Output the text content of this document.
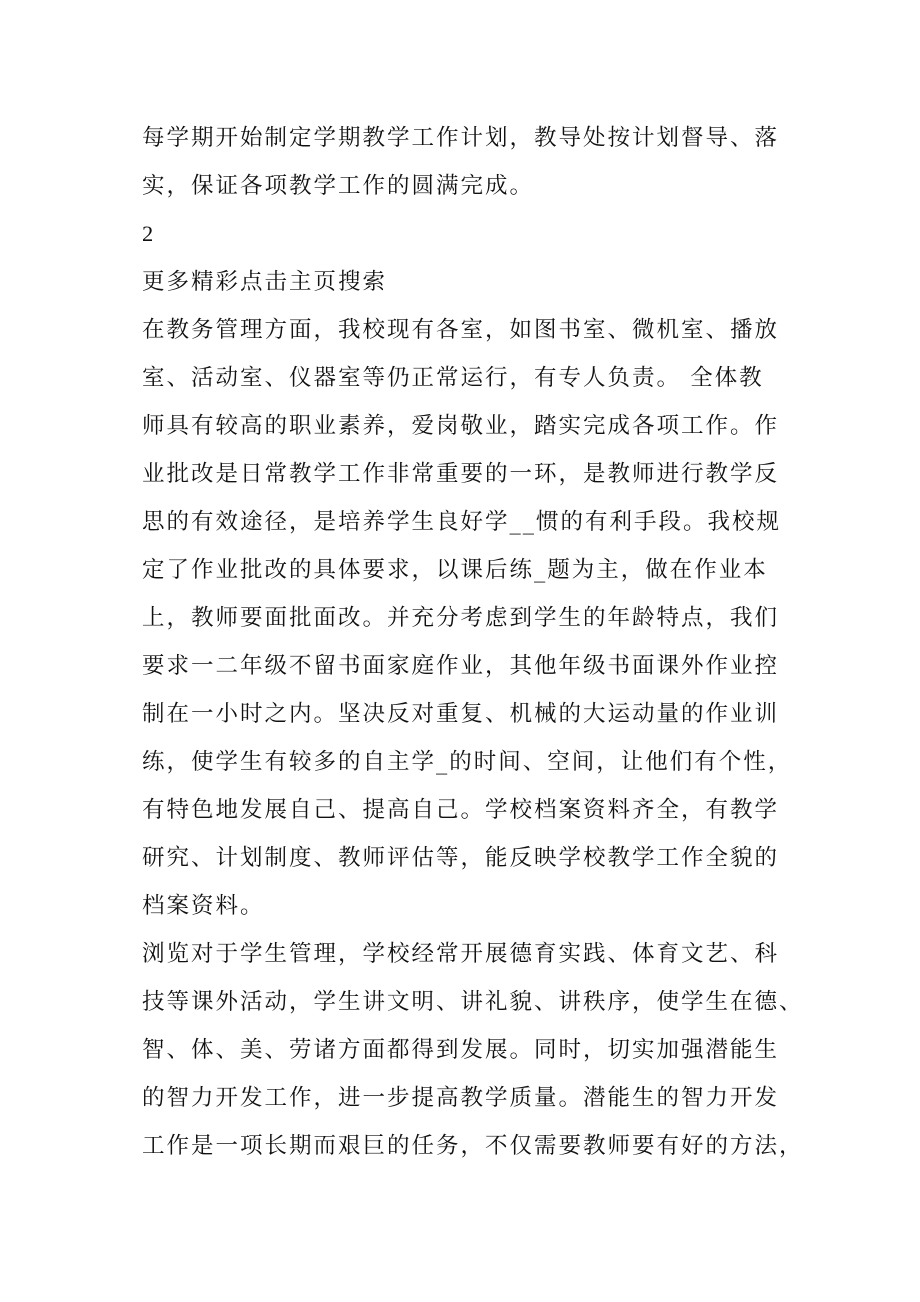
每学期开始制定学期教学工作计划，教导处按计划督导、落
实，保证各项教学工作的圆满完成。
2
更多精彩点击主页搜索
在教务管理方面，我校现有各室，如图书室、微机室、播放
室、活动室、仪器室等仍正常运行，有专人负责。 全体教
师具有较高的职业素养，爱岗敬业，踏实完成各项工作。作
业批改是日常教学工作非常重要的一环，是教师进行教学反
思的有效途径，是培养学生良好学__惯的有利手段。我校规
定了作业批改的具体要求，以课后练_题为主，做在作业本
上，教师要面批面改。并充分考虑到学生的年龄特点，我们
要求一二年级不留书面家庭作业，其他年级书面课外作业控
制在一小时之内。坚决反对重复、机械的大运动量的作业训
练，使学生有较多的自主学_的时间、空间，让他们有个性，
有特色地发展自己、提高自己。学校档案资料齐全，有教学
研究、计划制度、教师评估等，能反映学校教学工作全貌的
档案资料。
浏览对于学生管理，学校经常开展德育实践、体育文艺、科
技等课外活动，学生讲文明、讲礼貌、讲秩序，使学生在德、
智、体、美、劳诸方面都得到发展。同时，切实加强潜能生
的智力开发工作，进一步提高教学质量。潜能生的智力开发
工作是一项长期而艰巨的任务，不仅需要教师要有好的方法，
